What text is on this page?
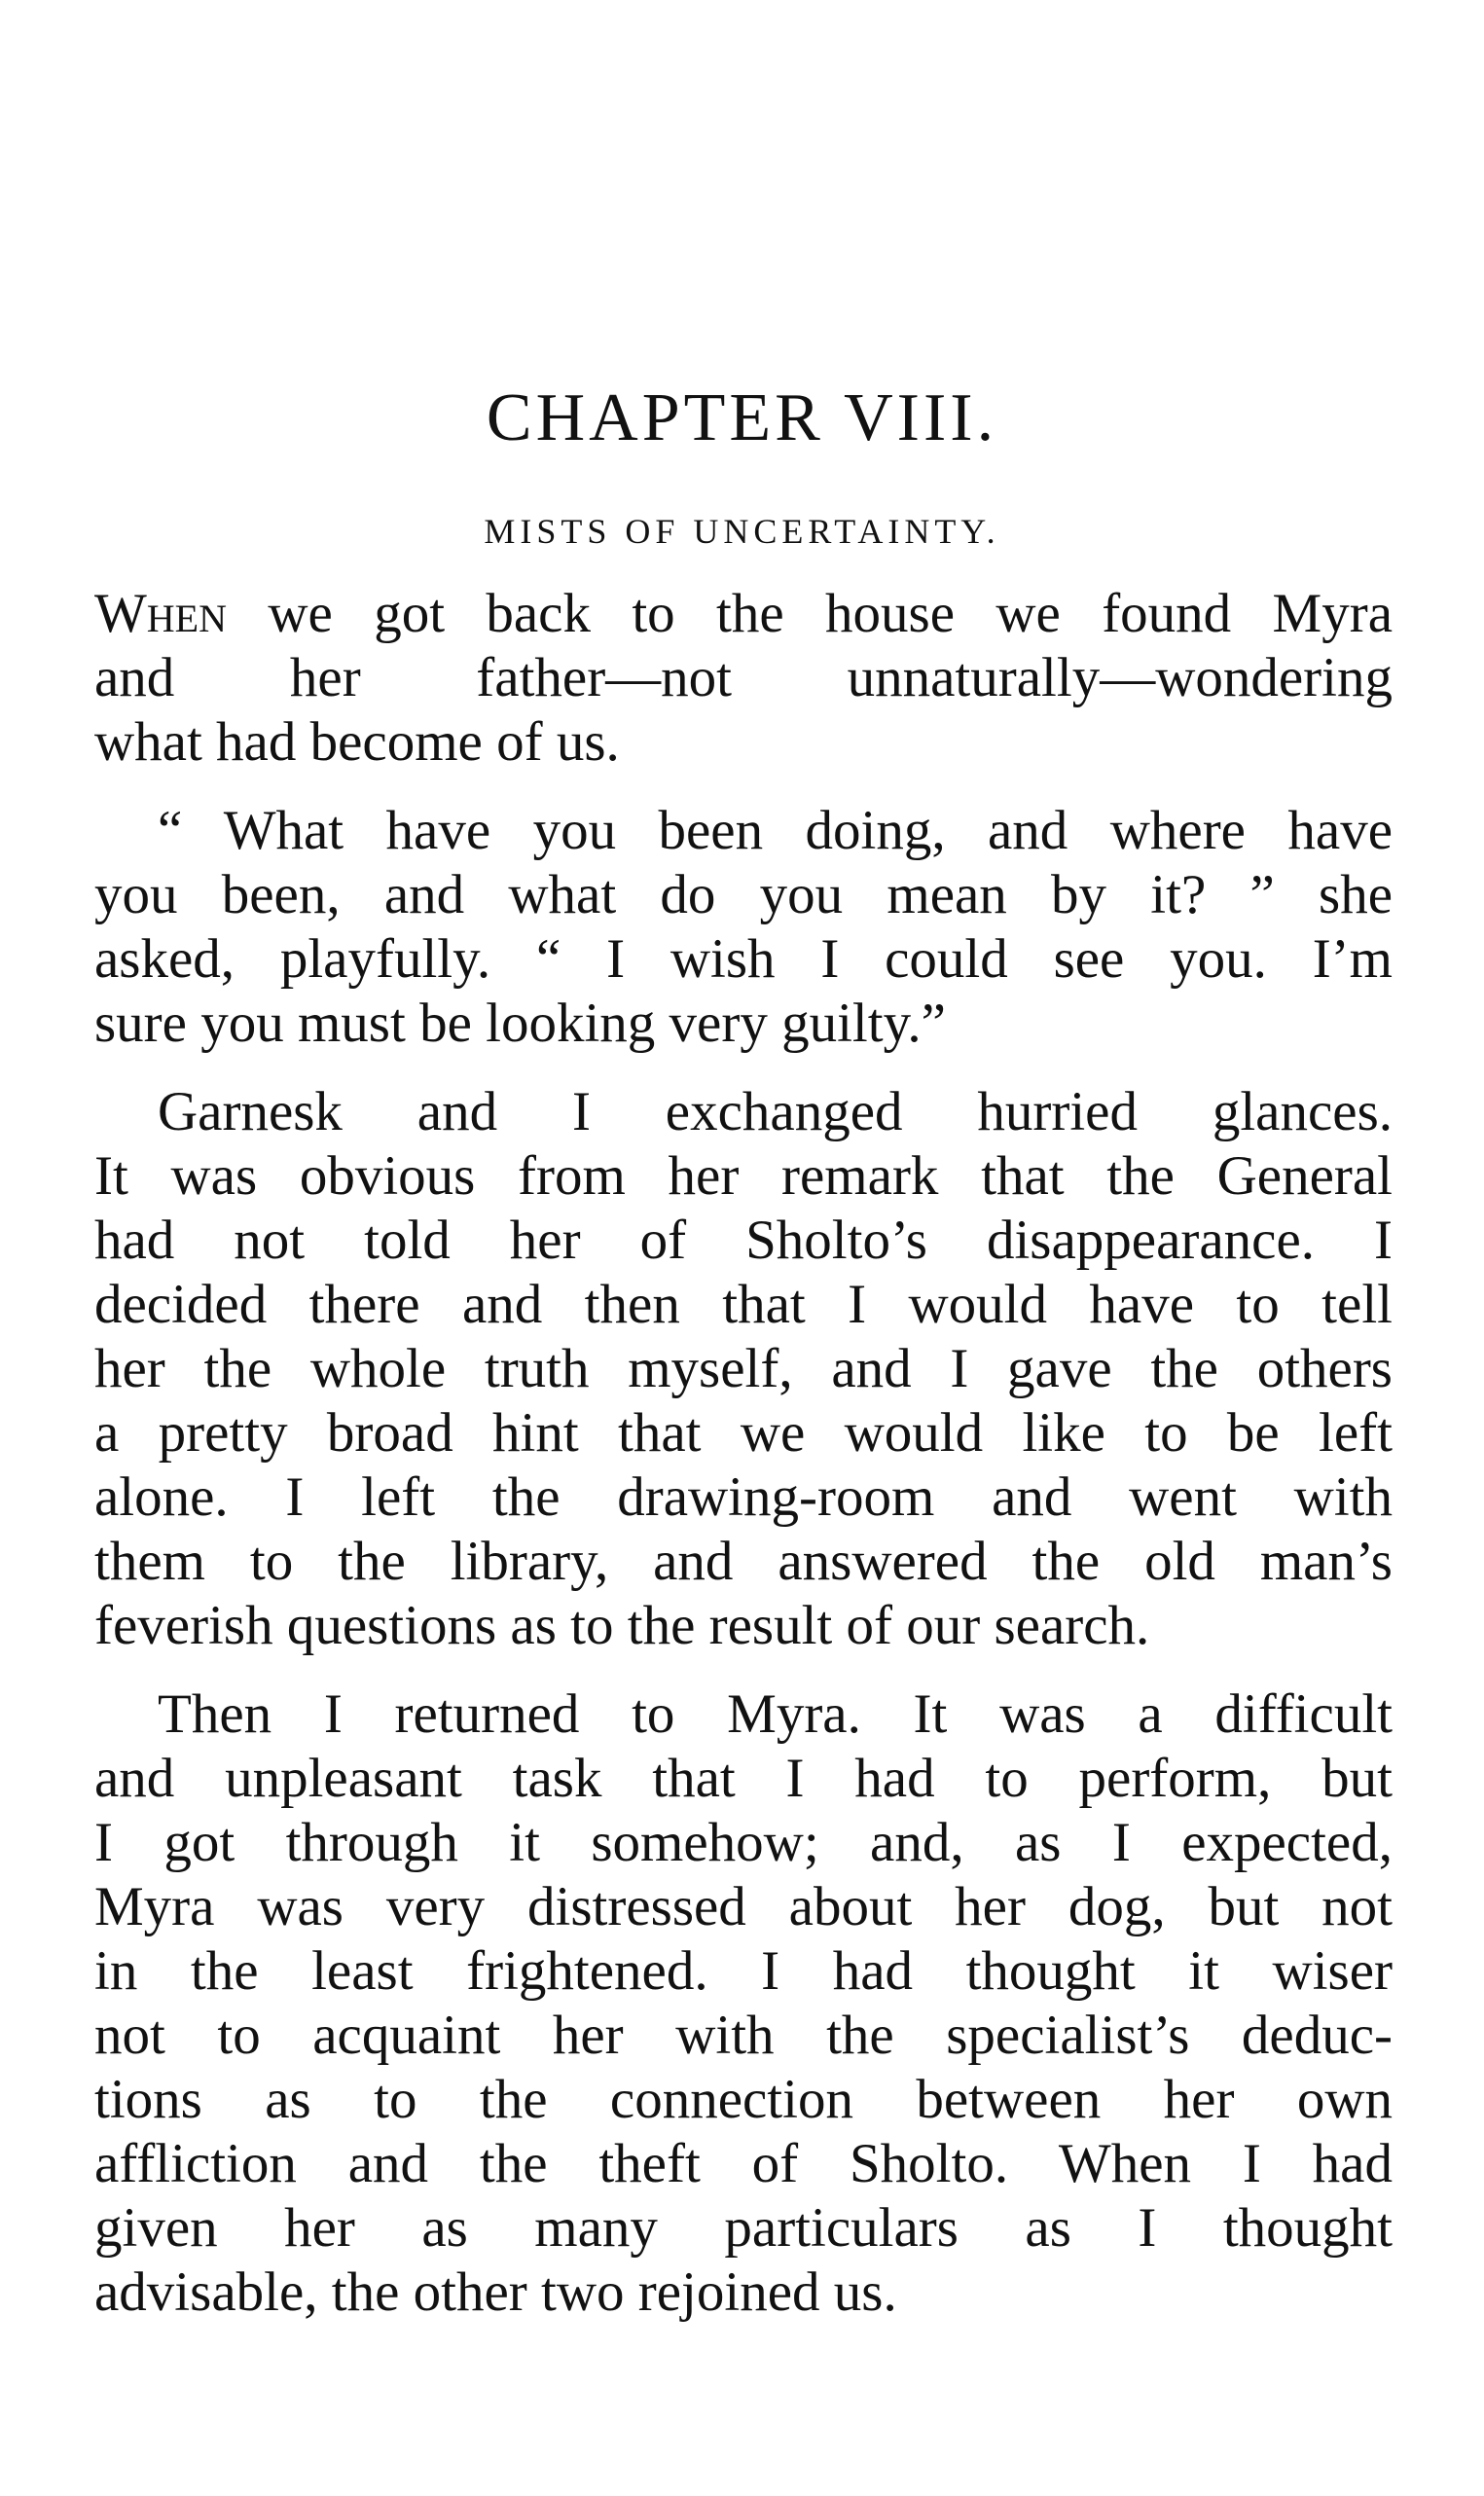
CHAPTER VIII.
MISTS OF UNCERTAINTY.
When we got back to the house we found Myra
and her father—not unnaturally—wondering
what had become of us.
“ What have you been doing, and where have
you been, and what do you mean by it? ” she
asked, playfully. “ I wish I could see you. I’m
sure you must be looking very guilty.”
Garnesk and I exchanged hurried glances.
It was obvious from her remark that the General
had not told her of Sholto’s disappearance. I
decided there and then that I would have to tell
her the whole truth myself, and I gave the others
a pretty broad hint that we would like to be left
alone. I left the drawing-room and went with
them to the library, and answered the old man’s
feverish questions as to the result of our search.
Then I returned to Myra. It was a difficult
and unpleasant task that I had to perform, but
I got through it somehow; and, as I expected,
Myra was very distressed about her dog, but not
in the least frightened. I had thought it wiser
not to acquaint her with the specialist’s deduc-
tions as to the connection between her own
affliction and the theft of Sholto. When I had
given her as many particulars as I thought
advisable, the other two rejoined us.
